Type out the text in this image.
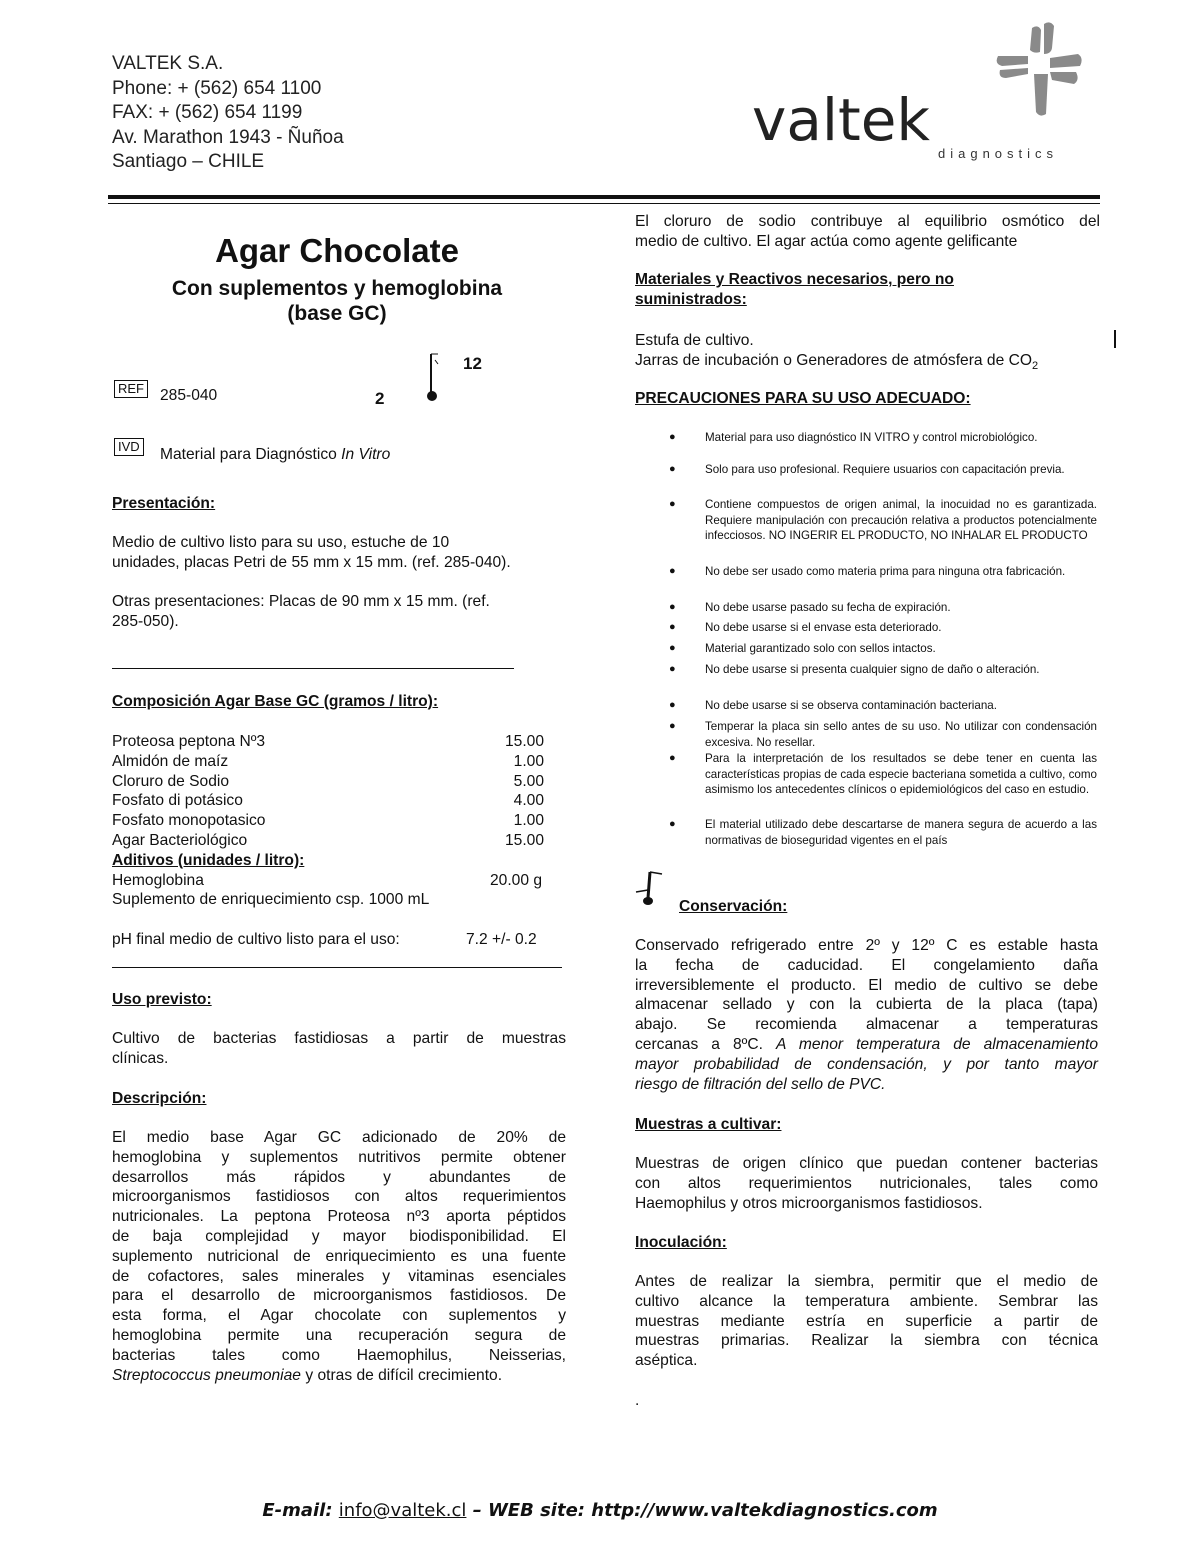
VALTEK S.A.
Phone: + (562) 654 1100
FAX: + (562) 654 1199
Av. Marathon 1943 - Ñuñoa
Santiago – CHILE
valtek diagnostics
Agar Chocolate
Con suplementos y hemoglobina
(base GC)
REF 285-040	2
12
IVD Material para Diagnóstico In Vitro
Presentación:
Medio de cultivo listo para su uso, estuche de 10
unidades, placas Petri de 55 mm x 15 mm. (ref. 285-040).
Otras presentaciones: Placas de 90 mm x 15 mm. (ref.
285-050).
Composición Agar Base GC (gramos / litro):
Proteosa peptona Nº3	15.00
Almidón de maíz	1.00
Cloruro de Sodio	5.00
Fosfato di potásico	4.00
Fosfato monopotasico	1.00
Agar Bacteriológico	15.00
Aditivos (unidades / litro):
Hemoglobina	20.00 g
Suplemento de enriquecimiento csp. 1000 mL
pH final medio de cultivo listo para el uso:	7.2 +/- 0.2
Uso previsto:
Cultivo de bacterias fastidiosas a partir de muestras
clínicas.
Descripción:
El medio base Agar GC adicionado de 20% de
hemoglobina y suplementos nutritivos permite obtener
desarrollos más rápidos y abundantes de
microorganismos fastidiosos con altos requerimientos
nutricionales. La peptona Proteosa nº3 aporta péptidos
de baja complejidad y mayor biodisponibilidad. El
suplemento nutricional de enriquecimiento es una fuente
de cofactores, sales minerales y vitaminas esenciales
para el desarrollo de microorganismos fastidiosos. De
esta forma, el Agar chocolate con suplementos y
hemoglobina permite una recuperación segura de
bacterias tales como Haemophilus, Neisserias,
Streptococcus pneumoniae y otras de difícil crecimiento.
El cloruro de sodio contribuye al equilibrio osmótico del
medio de cultivo. El agar actúa como agente gelificante
Materiales y Reactivos necesarios, pero no
suministrados:
Estufa de cultivo.
Jarras de incubación o Generadores de atmósfera de $CO_2$
PRECAUCIONES PARA SU USO ADECUADO:
●	Material para uso diagnóstico IN VITRO y control microbiológico.
●	Solo para uso profesional. Requiere usuarios con capacitación previa.
●	Contiene compuestos de origen animal, la inocuidad no es garantizada. Requiere manipulación con precaución relativa a productos potencialmente infecciosos. NO INGERIR EL PRODUCTO, NO INHALAR EL PRODUCTO
●	No debe ser usado como materia prima para ninguna otra fabricación.
●	No debe usarse pasado su fecha de expiración.
●	No debe usarse si el envase esta deteriorado.
●	Material garantizado solo con sellos intactos.
●	No debe usarse si presenta cualquier signo de daño o alteración.
●	No debe usarse si se observa contaminación bacteriana.
●	Temperar la placa sin sello antes de su uso. No utilizar con condensación excesiva. No resellar.
●	Para la interpretación de los resultados se debe tener en cuenta las características propias de cada especie bacteriana sometida a cultivo, como asimismo los antecedentes clínicos o epidemiológicos del caso en estudio.
●	El material utilizado debe descartarse de manera segura de acuerdo a las normativas de bioseguridad vigentes en el país
Conservación:
Conservado refrigerado entre 2º y 12º C es estable hasta
la fecha de caducidad. El congelamiento daña
irreversiblemente el producto. El medio de cultivo se debe
almacenar sellado y con la cubierta de la placa (tapa)
abajo. Se recomienda almacenar a temperaturas
cercanas a 8ºC. A menor temperatura de almacenamiento
mayor probabilidad de condensación, y por tanto mayor
riesgo de filtración del sello de PVC.
Muestras a cultivar:
Muestras de origen clínico que puedan contener bacterias
con altos requerimientos nutricionales, tales como
Haemophilus y otros microorganismos fastidiosos.
Inoculación:
Antes de realizar la siembra, permitir que el medio de
cultivo alcance la temperatura ambiente. Sembrar las
muestras mediante estría en superficie a partir de
muestras primarias. Realizar la siembra con técnica
aséptica.
.
E-mail: info@valtek.cl – WEB site: http://www.valtekdiagnostics.com
